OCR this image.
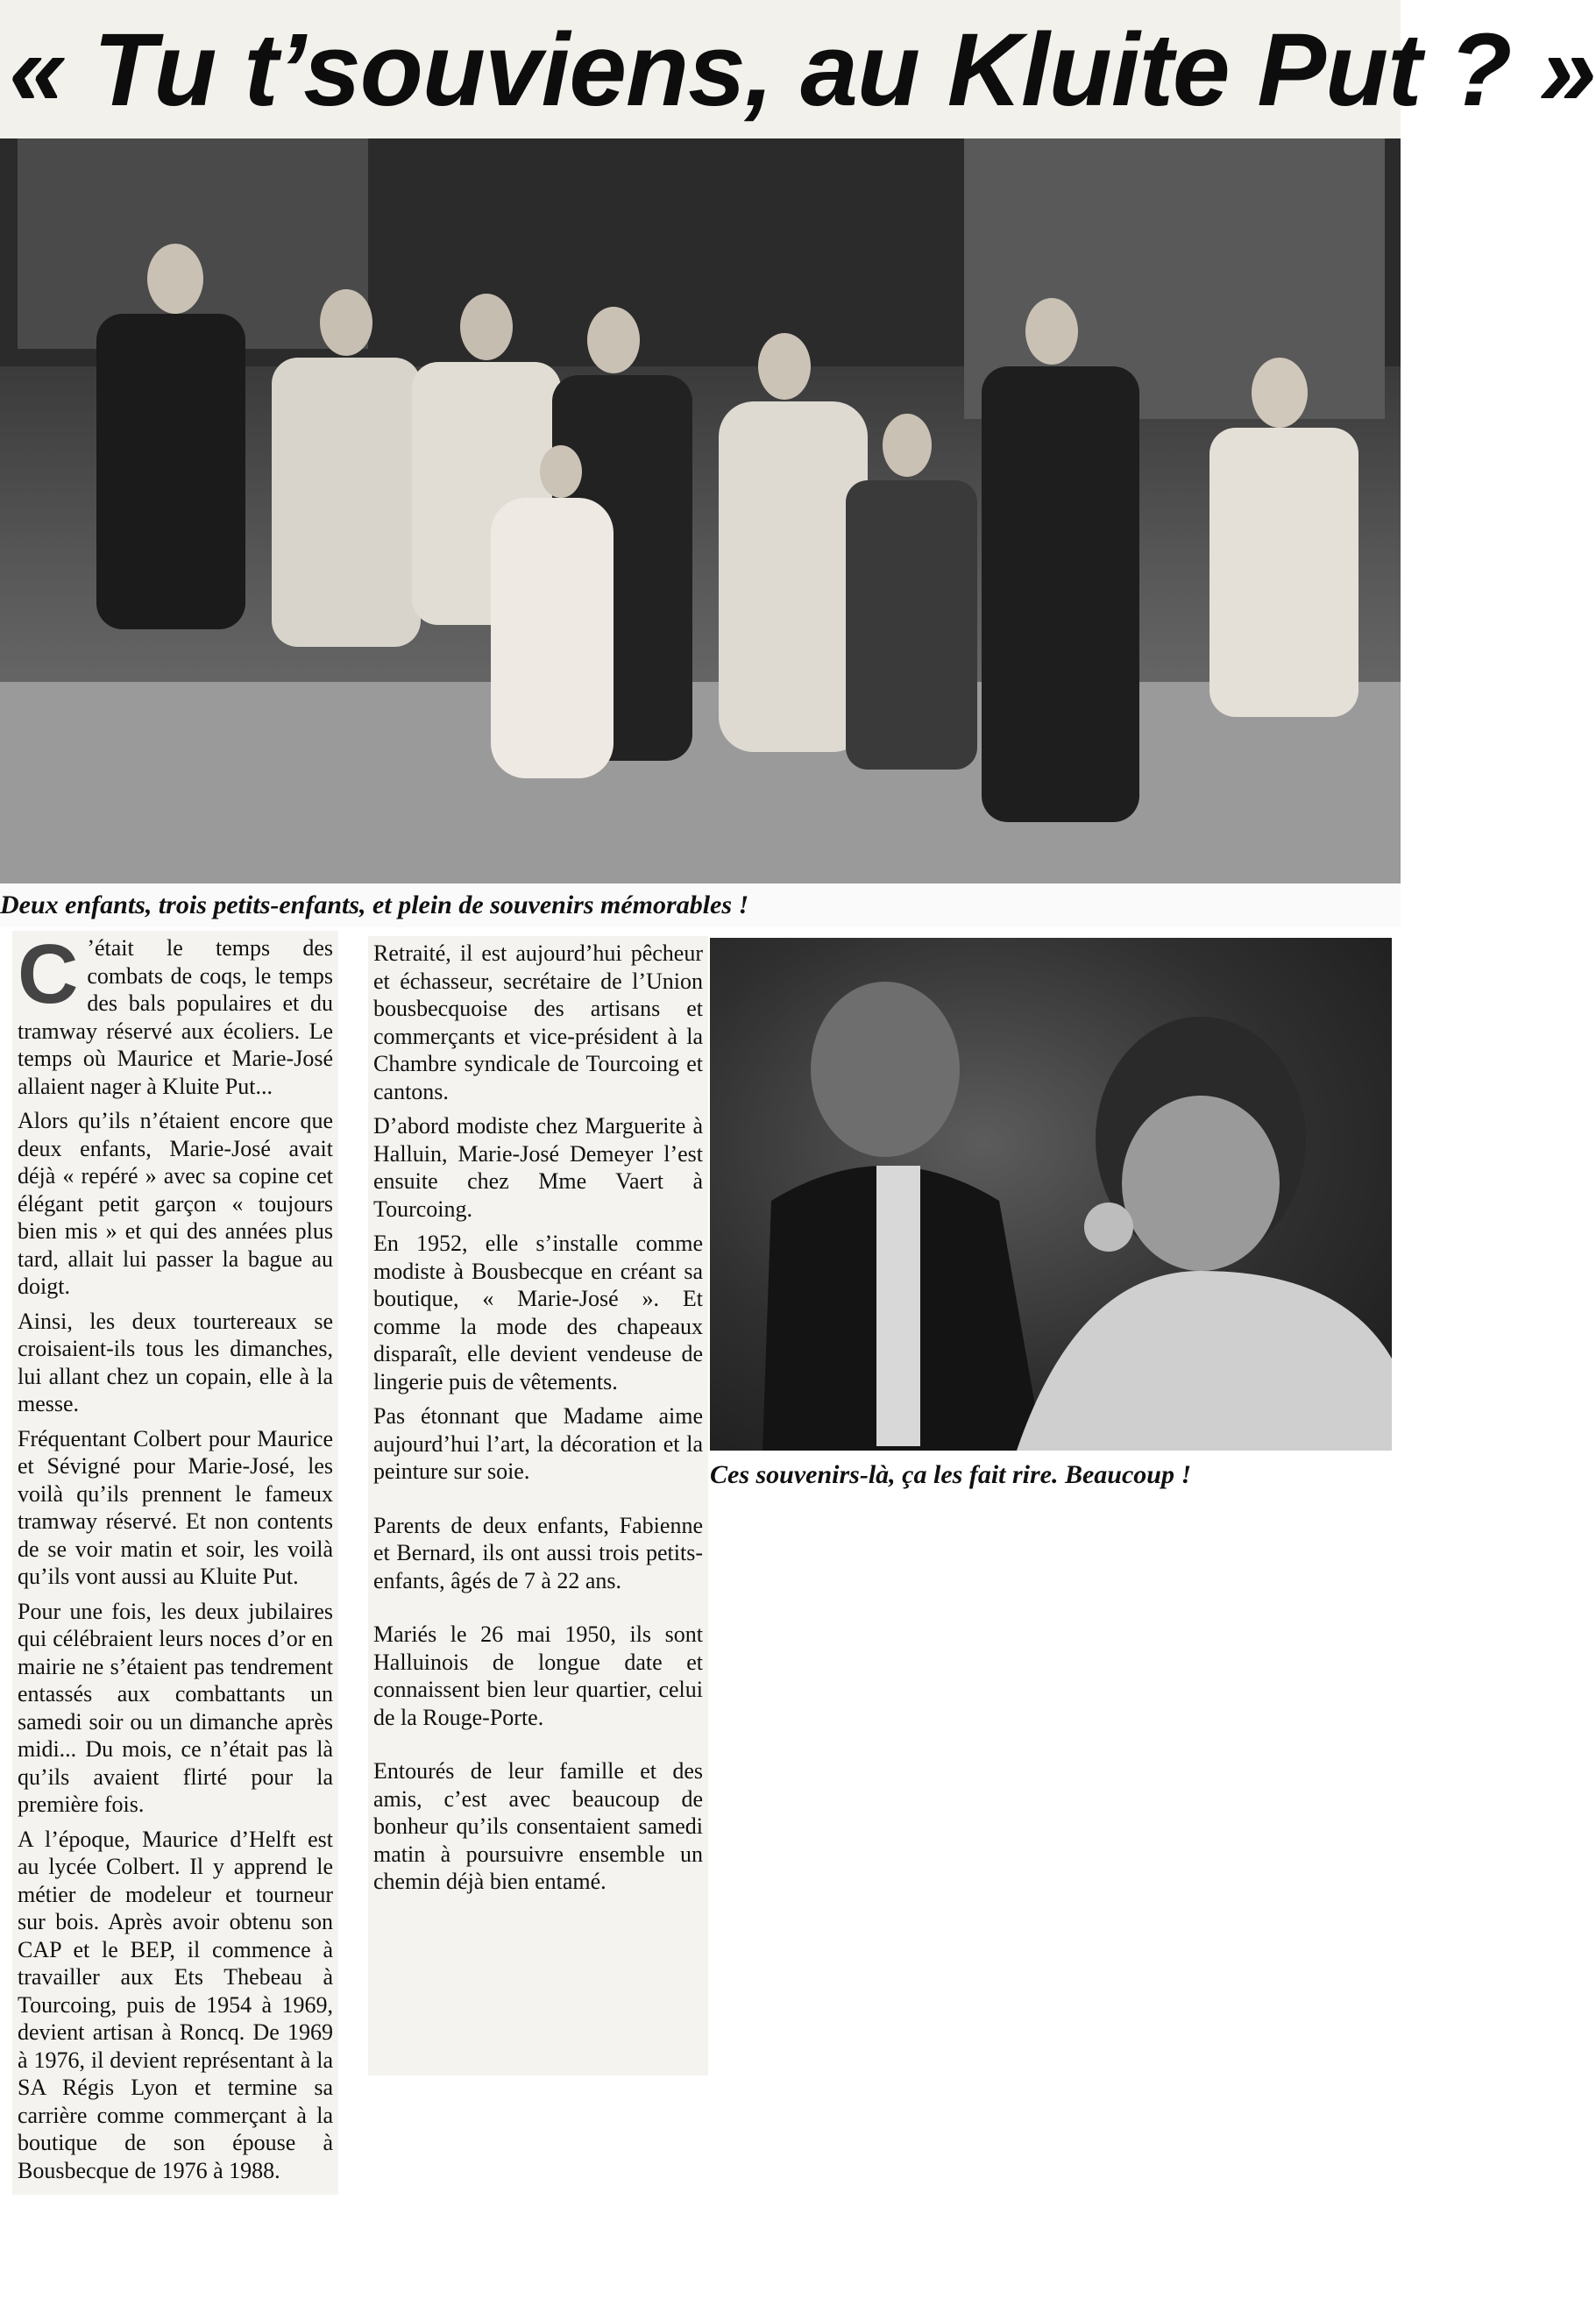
« Tu t’souviens, au Kluite Put ? »
Deux enfants, trois petits-enfants, et plein de souvenirs mémorables !

C ’était le temps des combats de coqs, le temps des bals populaires et du tramway réservé aux écoliers. Le temps où Maurice et Marie-José allaient nager à Kluite Put...

Alors qu’ils n’étaient encore que deux enfants, Marie-José avait déjà « repéré » avec sa copine cet élégant petit garçon « toujours bien mis » et qui des années plus tard, allait lui passer la bague au doigt.

Ainsi, les deux tourtereaux se croisaient-ils tous les dimanches, lui allant chez un copain, elle à la messe.

Fréquentant Colbert pour Maurice et Sévigné pour Marie-José, les voilà qu’ils prennent le fameux tramway réservé. Et non contents de se voir matin et soir, les voilà qu’ils vont aussi au Kluite Put.

Pour une fois, les deux jubilaires qui célébraient leurs noces d’or en mairie ne s’étaient pas tendrement entassés aux combattants un samedi soir ou un dimanche après midi... Du mois, ce n’était pas là qu’ils avaient flirté pour la première fois.

A l’époque, Maurice d’Helft est au lycée Colbert. Il y apprend le métier de modeleur et tourneur sur bois. Après avoir obtenu son CAP et le BEP, il commence à travailler aux Ets Thebeau à Tourcoing, puis de 1954 à 1969, devient artisan à Roncq. De 1969 à 1976, il devient représentant à la SA Régis Lyon et termine sa carrière comme commerçant à la boutique de son épouse à Bousbecque de 1976 à 1988.

Retraité, il est aujourd’hui pêcheur et échasseur, secrétaire de l’Union bousbecquoise des artisans et commerçants et vice-président à la Chambre syndicale de Tourcoing et cantons.

D’abord modiste chez Marguerite à Halluin, Marie-José Demeyer l’est ensuite chez Mme Vaert à Tourcoing.

En 1952, elle s’installe comme modiste à Bousbecque en créant sa boutique, « Marie-José ». Et comme la mode des chapeaux disparaît, elle devient vendeuse de lingerie puis de vêtements.

Pas étonnant que Madame aime aujourd’hui l’art, la décoration et la peinture sur soie.

Parents de deux enfants, Fabienne et Bernard, ils ont aussi trois petits-enfants, âgés de 7 à 22 ans.

Mariés le 26 mai 1950, ils sont Halluinois de longue date et connaissent bien leur quartier, celui de la Rouge-Porte.

Entourés de leur famille et des amis, c’est avec beaucoup de bonheur qu’ils consentaient samedi matin à poursuivre ensemble un chemin déjà bien entamé.

Ces souvenirs-là, ça les fait rire. Beaucoup !
